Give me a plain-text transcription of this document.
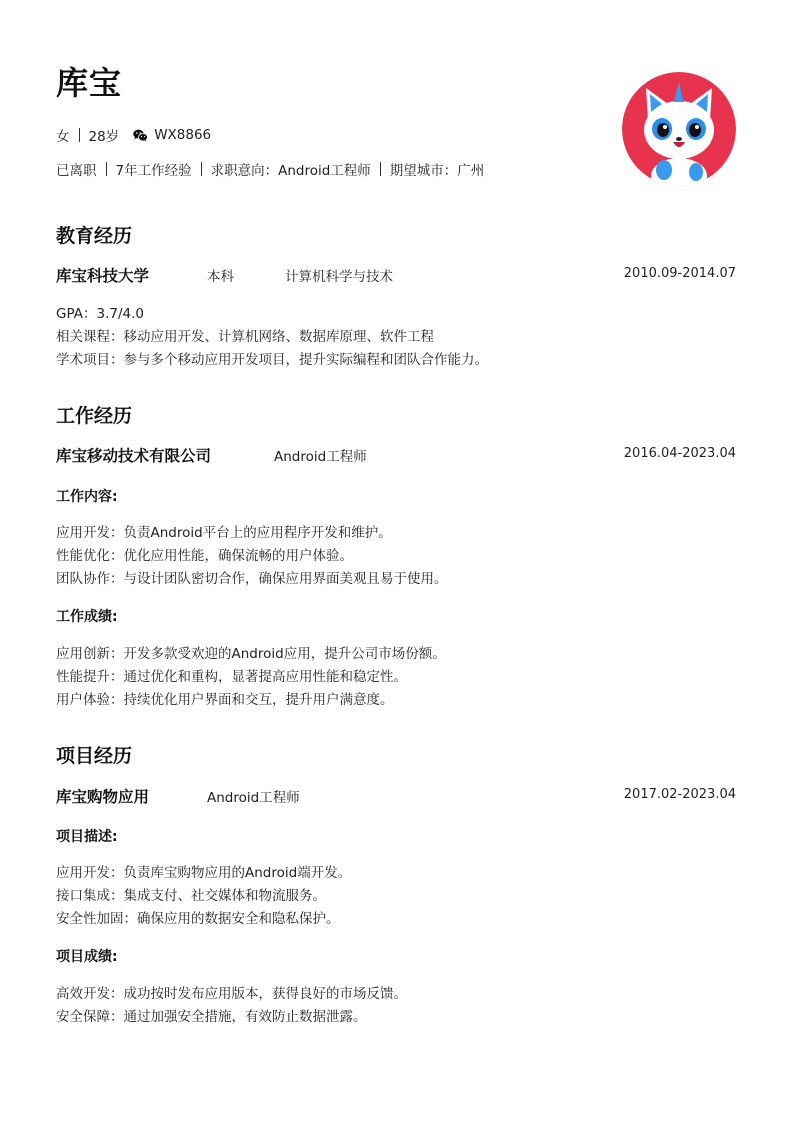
库宝
女 28岁	WX8866
已离职 7年工作经验 求职意向：Android工程师 期望城市：广州
教育经历
库宝科技大学	本科	计算机科学与技术	2010.09-2014.07
GPA：3.7/4.0
相关课程：移动应用开发、计算机网络、数据库原理、软件工程
学术项目：参与多个移动应用开发项目，提升实际编程和团队合作能力。
工作经历
库宝移动技术有限公司	Android工程师	2016.04-2023.04
工作内容:
应用开发：负责Android平台上的应用程序开发和维护。
性能优化：优化应用性能，确保流畅的用户体验。
团队协作：与设计团队密切合作，确保应用界面美观且易于使用。
工作成绩:
应用创新：开发多款受欢迎的Android应用，提升公司市场份额。
性能提升：通过优化和重构，显著提高应用性能和稳定性。
用户体验：持续优化用户界面和交互，提升用户满意度。
项目经历
库宝购物应用	Android工程师	2017.02-2023.04
项目描述:
应用开发：负责库宝购物应用的Android端开发。
接口集成：集成支付、社交媒体和物流服务。
安全性加固：确保应用的数据安全和隐私保护。
项目成绩:
高效开发：成功按时发布应用版本，获得良好的市场反馈。
安全保障：通过加强安全措施，有效防止数据泄露。
